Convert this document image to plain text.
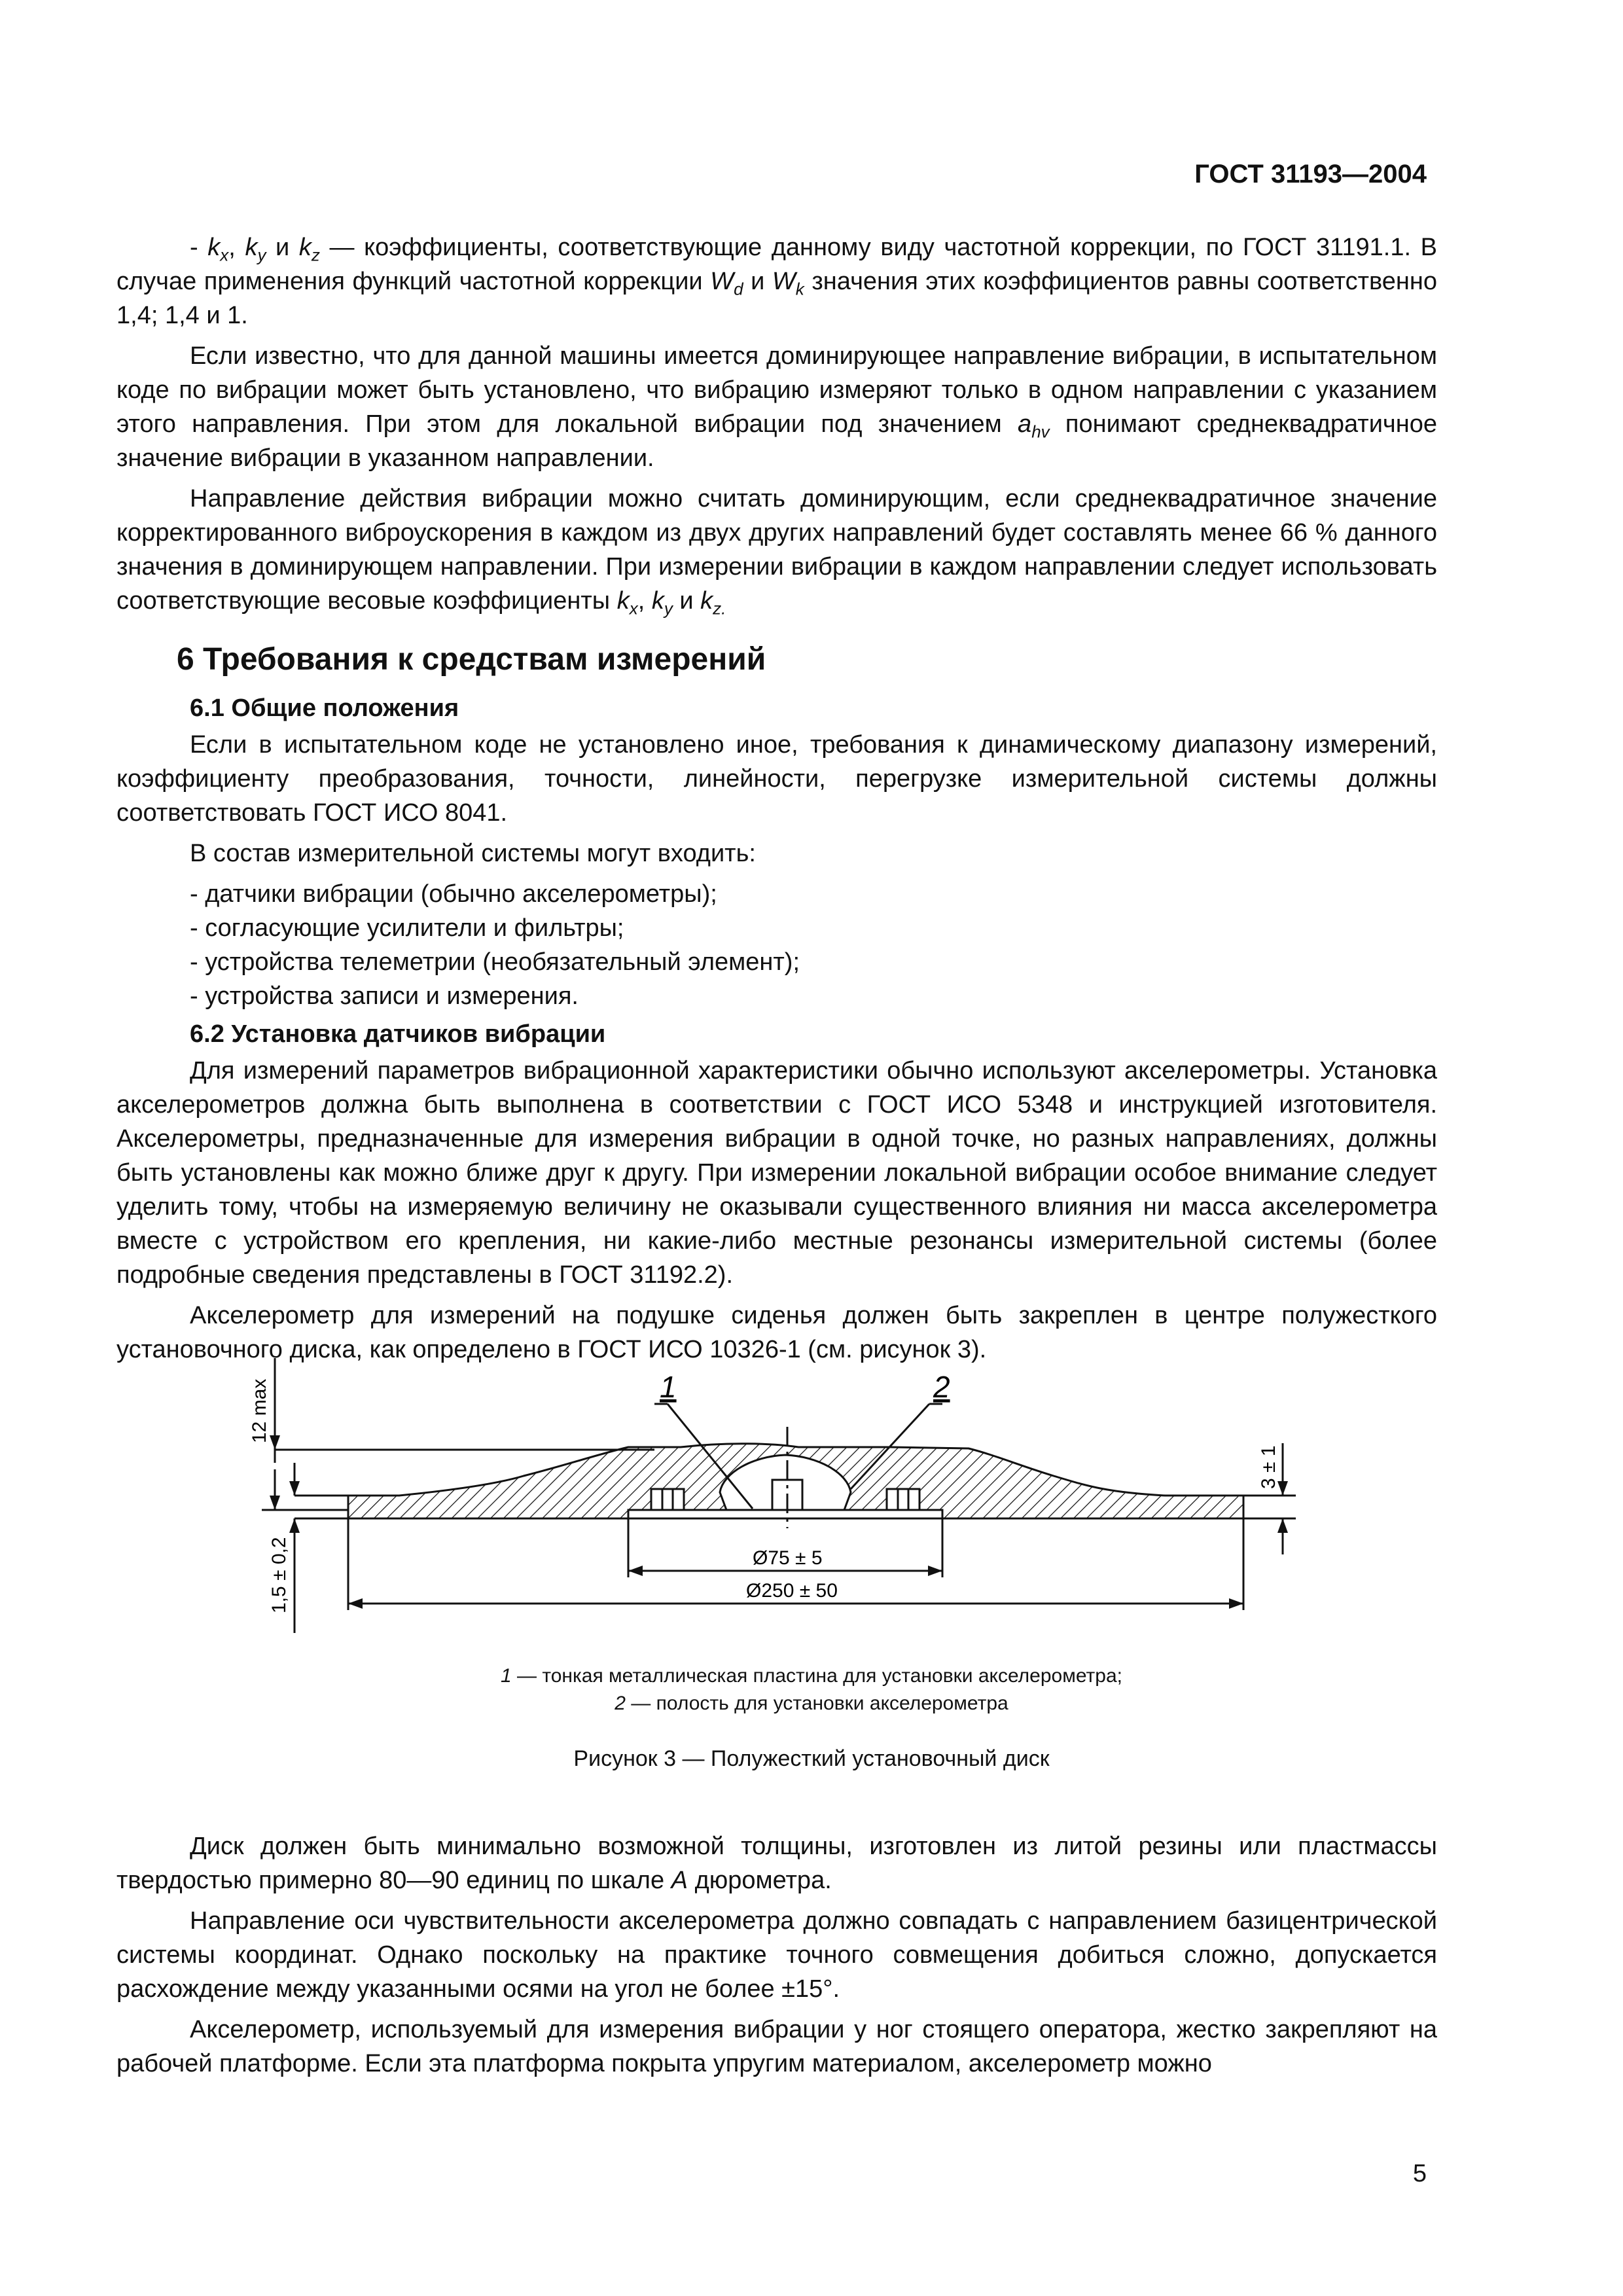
ГОСТ 31193—2004

- $k_x$, $k_y$ и $k_z$ — коэффициенты, соответствующие данному виду частотной коррекции, по ГОСТ 31191.1. В случае применения функций частотной коррекции $W_d$ и $W_k$ значения этих коэффициентов равны соответственно 1,4; 1,4 и 1.

Если известно, что для данной машины имеется доминирующее направление вибрации, в испытательном коде по вибрации может быть установлено, что вибрацию измеряют только в одном направлении с указанием этого направления. При этом для локальной вибрации под значением $a_{hv}$ понимают среднеквадратичное значение вибрации в указанном направлении.

Направление действия вибрации можно считать доминирующим, если среднеквадратичное значение корректированного виброускорения в каждом из двух других направлений будет составлять менее 66 % данного значения в доминирующем направлении. При измерении вибрации в каждом направлении следует использовать соответствующие весовые коэффициенты $k_x$, $k_y$ и $k_{z.}$

6 Требования к средствам измерений
6.1 Общие положения

Если в испытательном коде не установлено иное, требования к динамическому диапазону измерений, коэффициенту преобразования, точности, линейности, перегрузке измерительной системы должны соответствовать ГОСТ ИСО 8041.

В состав измерительной системы могут входить:

- датчики вибрации (обычно акселерометры);
- согласующие усилители и фильтры;
- устройства телеметрии (необязательный элемент);
- устройства записи и измерения.
6.2 Установка датчиков вибрации

Для измерений параметров вибрационной характеристики обычно используют акселерометры. Установка акселерометров должна быть выполнена в соответствии с ГОСТ ИСО 5348 и инструкцией изготовителя. Акселерометры, предназначенные для измерения вибрации в одной точке, но разных направлениях, должны быть установлены как можно ближе друг к другу. При измерении локальной вибрации особое внимание следует уделить тому, чтобы на измеряемую величину не оказывали существенного влияния ни масса акселерометра вместе с устройством его крепления, ни какие-либо местные резонансы измерительной системы (более подробные сведения представлены в ГОСТ 31192.2).

Акселерометр для измерений на подушке сиденья должен быть закреплен в центре полужесткого установочного диска, как определено в ГОСТ ИСО 10326-1 (см. рисунок 3).

1	2
12 max
1,5 ± 0,2
3 ± 1
Ø75 ± 5
Ø250 ± 50
1 — тонкая металлическая пластина для установки акселерометра;
2 — полость для установки акселерометра
Рисунок 3 — Полужесткий установочный диск

Диск должен быть минимально возможной толщины, изготовлен из литой резины или пластмассы твердостью примерно 80—90 единиц по шкале А дюрометра.

Направление оси чувствительности акселерометра должно совпадать с направлением базицентрической системы координат. Однако поскольку на практике точного совмещения добиться сложно, допускается расхождение между указанными осями на угол не более ±15°.

Акселерометр, используемый для измерения вибрации у ног стоящего оператора, жестко закрепляют на рабочей платформе. Если эта платформа покрыта упругим материалом, акселерометр можно

5
